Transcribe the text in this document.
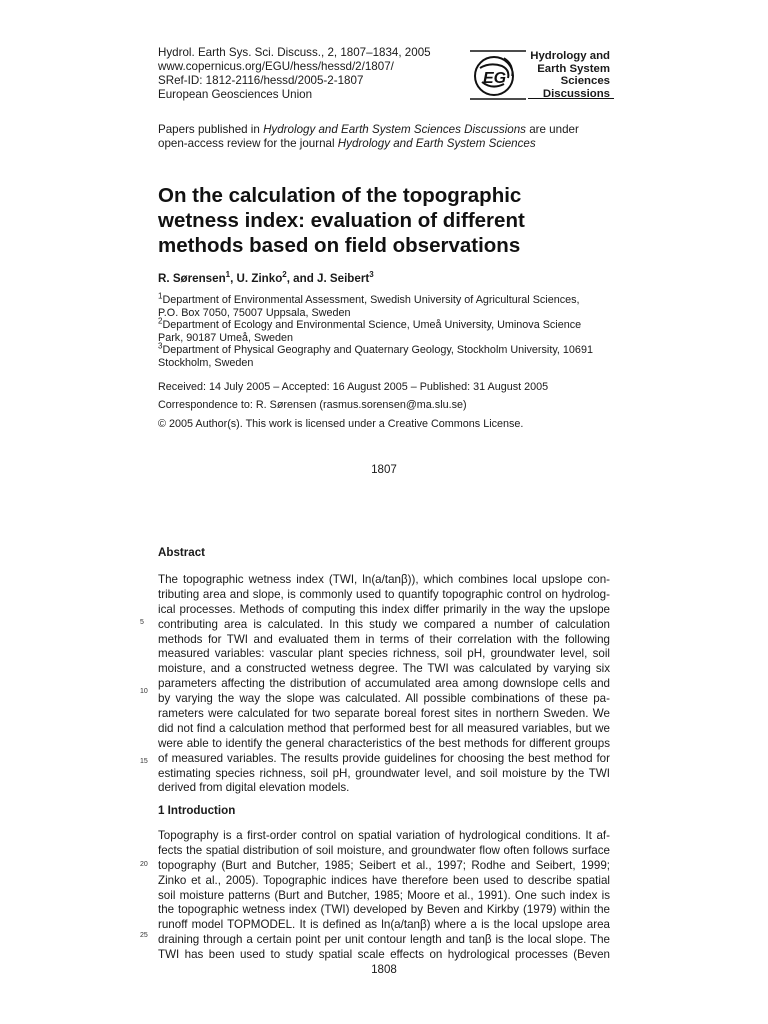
Hydrol. Earth Sys. Sci. Discuss., 2, 1807–1834, 2005
www.copernicus.org/EGU/hess/hessd/2/1807/
SRef-ID: 1812-2116/hessd/2005-2-1807
European Geosciences Union
EG
Hydrology and
Earth System
Sciences
Discussions
Papers published in Hydrology and Earth System Sciences Discussions are under
open-access review for the journal Hydrology and Earth System Sciences
On the calculation of the topographic
wetness index: evaluation of different
methods based on field observations
R. Sørensen$^1$, U. Zinko$^2$, and J. Seibert$^3$

$^1$Department of Environmental Assessment, Swedish University of Agricultural Sciences,
P.O. Box 7050, 75007 Uppsala, Sweden

$^2$Department of Ecology and Environmental Science, Umeå University, Uminova Science
Park, 90187 Umeå, Sweden

$^3$Department of Physical Geography and Quaternary Geology, Stockholm University, 10691
Stockholm, Sweden

Received: 14 July 2005 – Accepted: 16 August 2005 – Published: 31 August 2005
Correspondence to: R. Sørensen (rasmus.sorensen@ma.slu.se)
© 2005 Author(s). This work is licensed under a Creative Commons License.
1807
Abstract
The topographic wetness index (TWI, ln(a/tanβ)), which combines local upslope con-
tributing area and slope, is commonly used to quantify topographic control on hydrolog-
ical processes. Methods of computing this index differ primarily in the way the upslope
contributing area is calculated. In this study we compared a number of calculation
methods for TWI and evaluated them in terms of their correlation with the following
measured variables: vascular plant species richness, soil pH, groundwater level, soil
moisture, and a constructed wetness degree. The TWI was calculated by varying six
parameters affecting the distribution of accumulated area among downslope cells and
by varying the way the slope was calculated. All possible combinations of these pa-
rameters were calculated for two separate boreal forest sites in northern Sweden. We
did not find a calculation method that performed best for all measured variables, but we
were able to identify the general characteristics of the best methods for different groups
of measured variables. The results provide guidelines for choosing the best method for
estimating species richness, soil pH, groundwater level, and soil moisture by the TWI
derived from digital elevation models.
5
10
15
1 Introduction
Topography is a first-order control on spatial variation of hydrological conditions. It af-
fects the spatial distribution of soil moisture, and groundwater flow often follows surface
topography (Burt and Butcher, 1985; Seibert et al., 1997; Rodhe and Seibert, 1999;
Zinko et al., 2005). Topographic indices have therefore been used to describe spatial
soil moisture patterns (Burt and Butcher, 1985; Moore et al., 1991). One such index is
the topographic wetness index (TWI) developed by Beven and Kirkby (1979) within the
runoff model TOPMODEL. It is defined as ln(a/tanβ) where a is the local upslope area
draining through a certain point per unit contour length and tanβ is the local slope. The
TWI has been used to study spatial scale effects on hydrological processes (Beven
20
25
1808
